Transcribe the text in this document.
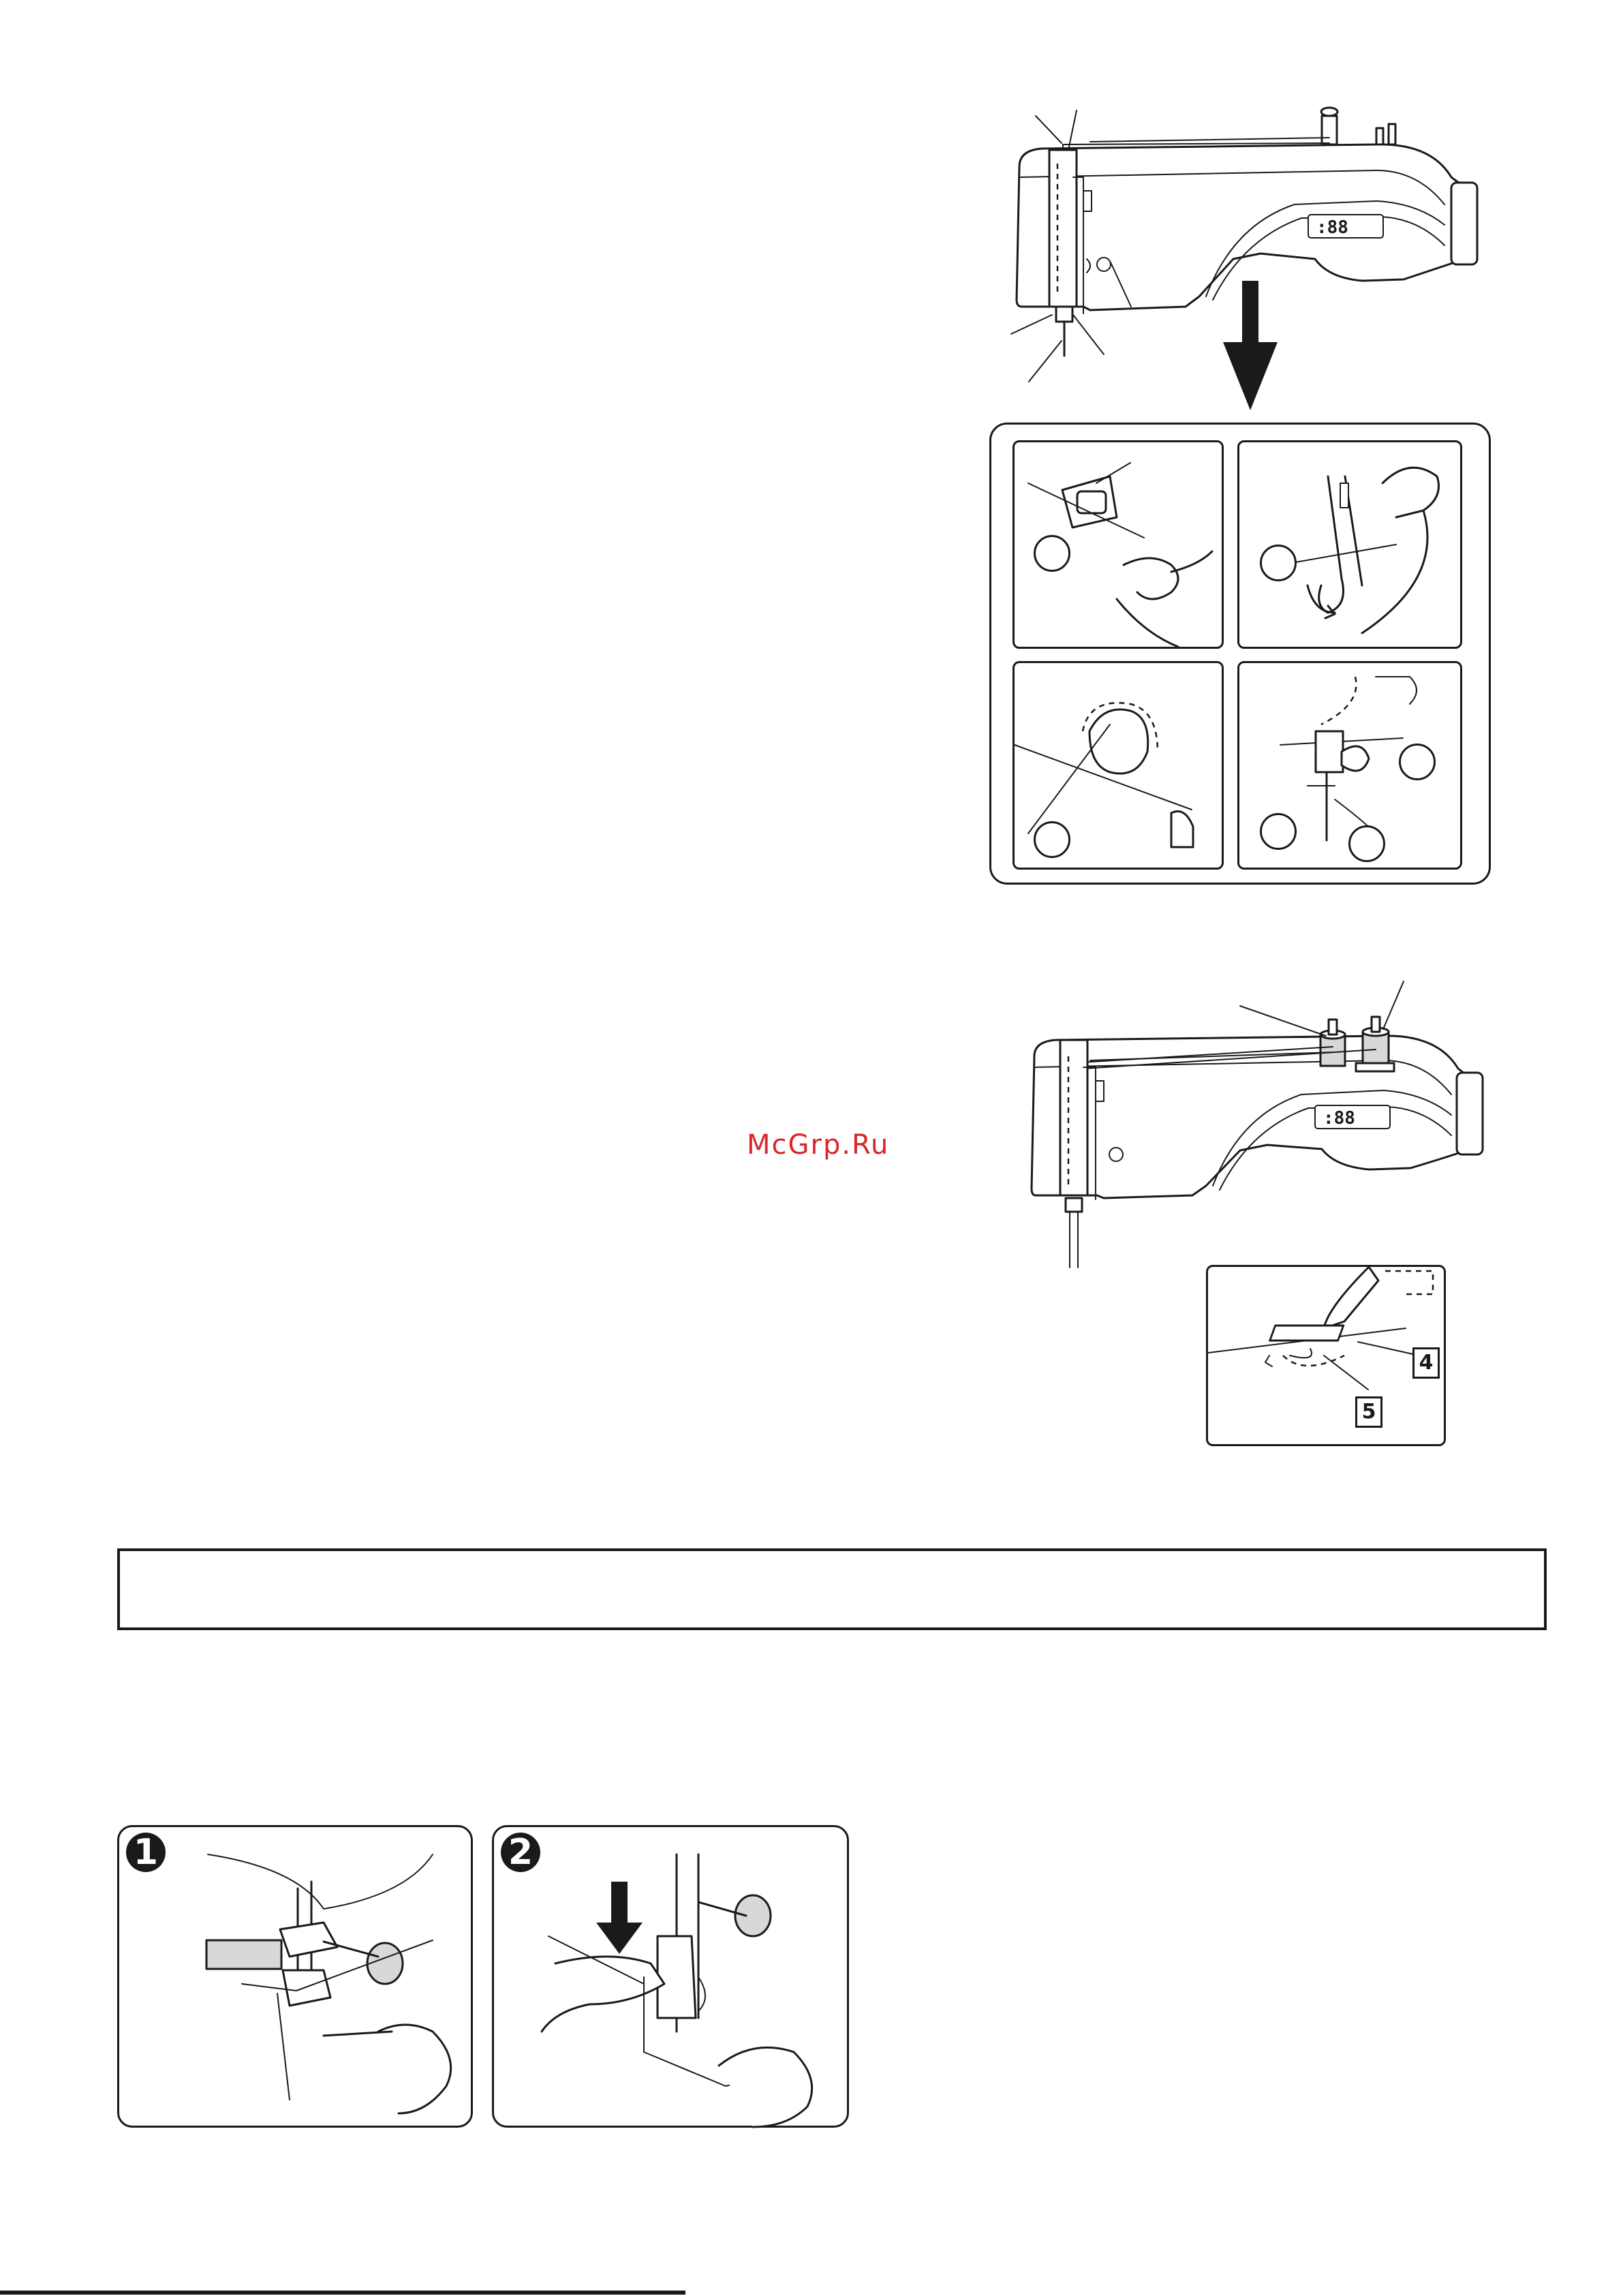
McGrp.Ru
:88
:88
4
5
1	2
